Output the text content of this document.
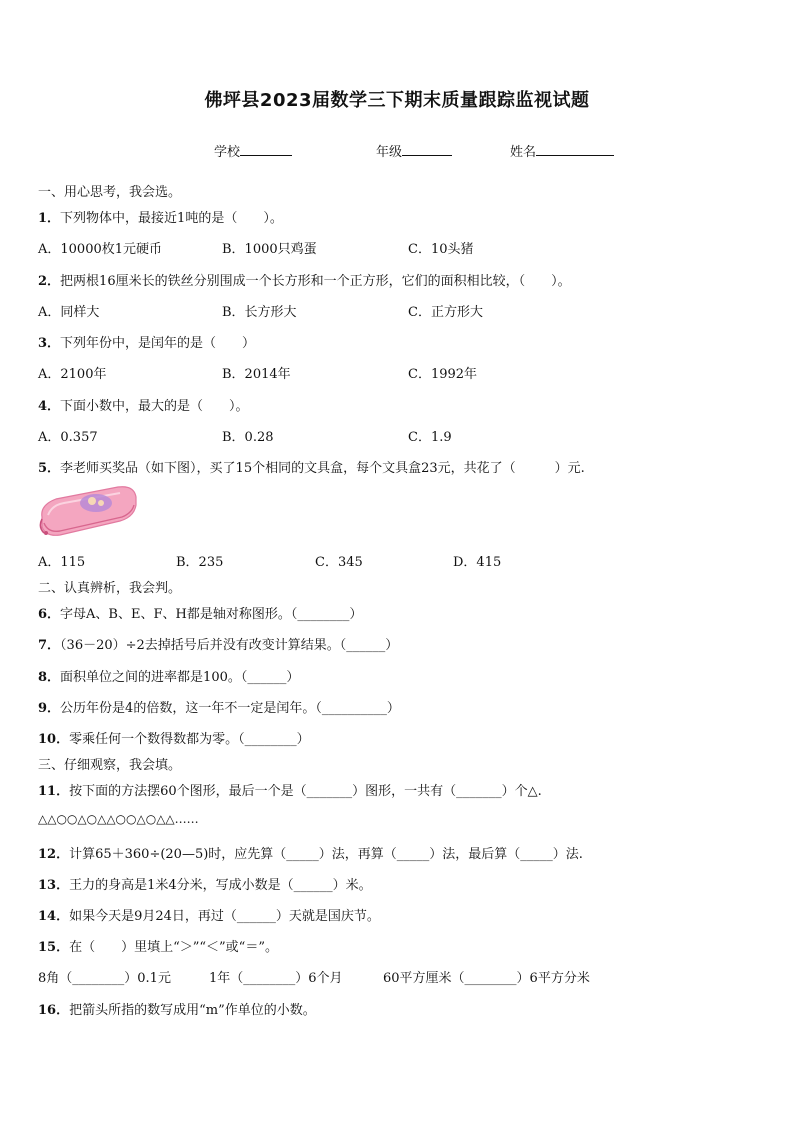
佛坪县2023届数学三下期末质量跟踪监视试题
学校	年级	姓名
一、用心思考，我会选。
1．下列物体中，最接近1吨的是（　　）。
A．10000枚1元硬币	B．1000只鸡蛋	C．10头猪
2．把两根16厘米长的铁丝分别围成一个长方形和一个正方形，它们的面积相比较，（　　）。
A．同样大	B．长方形大	C．正方形大
3．下列年份中，是闰年的是（　　）
A．2100年	B．2014年	C．1992年
4．下面小数中，最大的是（　　）。
A．0.357	B．0.28	C．1.9
5．李老师买奖品（如下图），买了15个相同的文具盒，每个文具盒23元，共花了（　　　）元.
A．115	B．235	C．345	D．415
二、认真辨析，我会判。
6．字母A、B、E、F、H都是轴对称图形。（________）
7．（36－20）÷2去掉括号后并没有改变计算结果。（______）
8．面积单位之间的进率都是100。（______）
9．公历年份是4的倍数，这一年不一定是闰年。（__________）
10．零乘任何一个数得数都为零。（________）
三、仔细观察，我会填。
11．按下面的方法摆60个图形，最后一个是（_______）图形，一共有（_______）个△.
△△○○△○△△○○△○△△……
12．计算65＋360÷(20—5)时，应先算（_____）法，再算（_____）法，最后算（_____）法.
13．王力的身高是1米4分米，写成小数是（______）米。
14．如果今天是9月24日，再过（______）天就是国庆节。
15．在（　　）里填上“＞”“＜”或“＝”。
8角（________）0.1元	1年（________）6个月	60平方厘米（________）6平方分米
16．把箭头所指的数写成用“m”作单位的小数。
